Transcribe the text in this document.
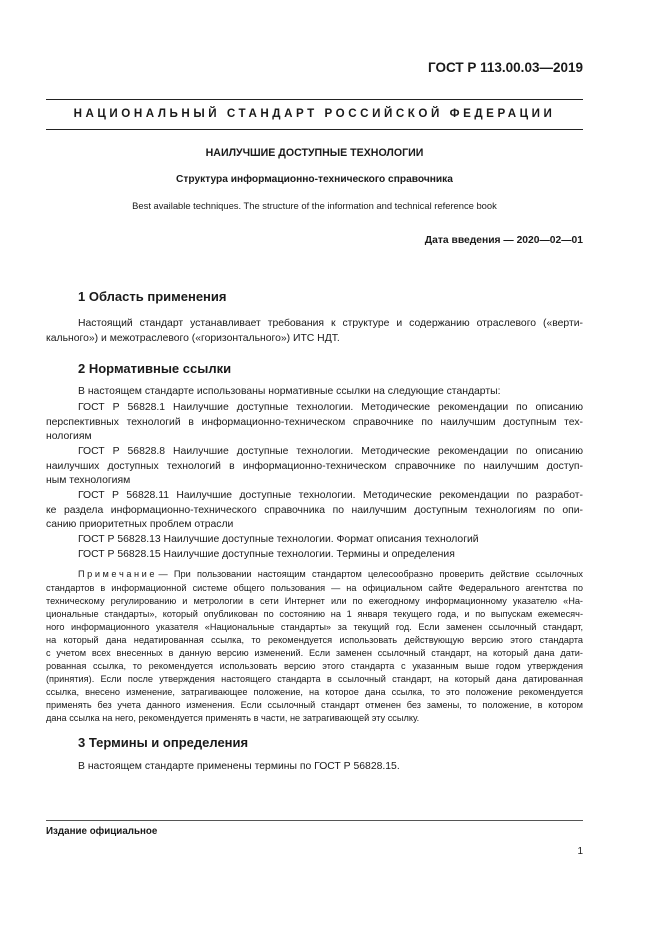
ГОСТ Р 113.00.03—2019
НАЦИОНАЛЬНЫЙ СТАНДАРТ РОССИЙСКОЙ ФЕДЕРАЦИИ
НАИЛУЧШИЕ ДОСТУПНЫЕ ТЕХНОЛОГИИ
Структура информационно-технического справочника
Best available techniques. The structure of the information and technical reference book
Дата введения — 2020—02—01
1 Область применения
Настоящий стандарт устанавливает требования к структуре и содержанию отраслевого («верти-
кального») и межотраслевого («горизонтального») ИТС НДТ.
2 Нормативные ссылки
В настоящем стандарте использованы нормативные ссылки на следующие стандарты:
ГОСТ Р 56828.1 Наилучшие доступные технологии. Методические рекомендации по описанию
перспективных технологий в информационно-техническом справочнике по наилучшим доступным тех-
нологиям
ГОСТ Р 56828.8 Наилучшие доступные технологии. Методические рекомендации по описанию
наилучших доступных технологий в информационно-техническом справочнике по наилучшим доступ-
ным технологиям
ГОСТ Р 56828.11 Наилучшие доступные технологии. Методические рекомендации по разработ-
ке раздела информационно-технического справочника по наилучшим доступным технологиям по опи-
санию приоритетных проблем отрасли
ГОСТ Р 56828.13 Наилучшие доступные технологии. Формат описания технологий
ГОСТ Р 56828.15 Наилучшие доступные технологии. Термины и определения
П р и м е ч а н и е — При пользовании настоящим стандартом целесообразно проверить действие ссылочных
стандартов в информационной системе общего пользования — на официальном сайте Федерального агентства по
техническому регулированию и метрологии в сети Интернет или по ежегодному информационному указателю «На-
циональные стандарты», который опубликован по состоянию на 1 января текущего года, и по выпускам ежемесяч-
ного информационного указателя «Национальные стандарты» за текущий год. Если заменен ссылочный стандарт,
на который дана недатированная ссылка, то рекомендуется использовать действующую версию этого стандарта
с учетом всех внесенных в данную версию изменений. Если заменен ссылочный стандарт, на который дана дати-
рованная ссылка, то рекомендуется использовать версию этого стандарта с указанным выше годом утверждения
(принятия). Если после утверждения настоящего стандарта в ссылочный стандарт, на который дана датированная
ссылка, внесено изменение, затрагивающее положение, на которое дана ссылка, то это положение рекомендуется
применять без учета данного изменения. Если ссылочный стандарт отменен без замены, то положение, в котором
дана ссылка на него, рекомендуется применять в части, не затрагивающей эту ссылку.
3 Термины и определения
В настоящем стандарте применены термины по ГОСТ Р 56828.15.
Издание официальное
1
